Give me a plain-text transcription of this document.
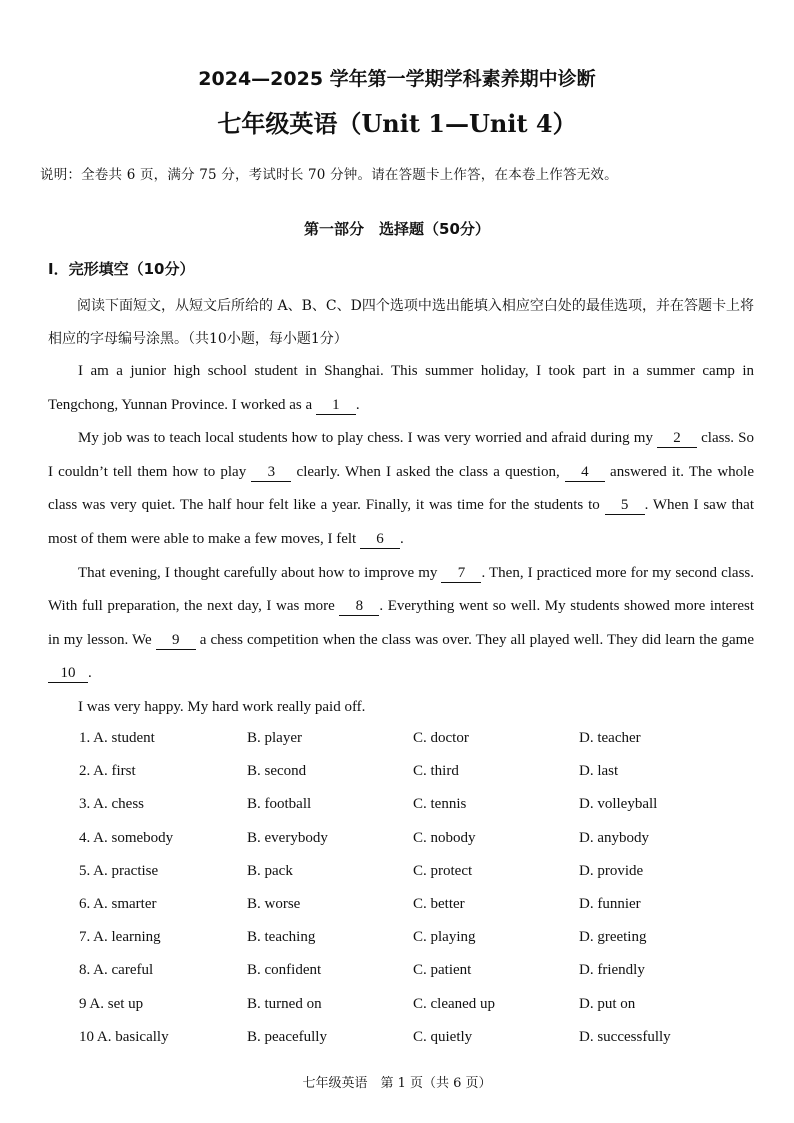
2024—2025 学年第一学期学科素养期中诊断
七年级英语（Unit 1—Unit 4）
说明：全卷共 6 页，满分 75 分，考试时长 70 分钟。请在答题卡上作答，在本卷上作答无效。
第一部分　选择题（50分）
Ⅰ．完形填空（10分）
阅读下面短文，从短文后所给的 A、B、C、D四个选项中选出能填入相应空白处的最佳选项，并在答题卡上将相应的字母编号涂黑。（共10小题，每小题1分）

I am a junior high school student in Shanghai. This summer holiday, I took part in a summer camp in Tengchong, Yunnan Province. I worked as a 1 .

My job was to teach local students how to play chess. I was very worried and afraid during my 2 class. So I couldn’t tell them how to play 3 clearly. When I asked the class a question, 4 answered it. The whole class was very quiet. The half hour felt like a year. Finally, it was time for the students to 5 . When I saw that most of them were able to make a few moves, I felt 6 .

That evening, I thought carefully about how to improve my 7 . Then, I practiced more for my second class. With full preparation, the next day, I was more 8 . Everything went so well. My students showed more interest in my lesson. We 9 a chess competition when the class was over. They all played well. They did learn the game 10 .

I was very happy. My hard work really paid off.

1. A. student	B. player	C. doctor	D. teacher
2. A. first	B. second	C. third	D. last
3. A. chess	B. football	C. tennis	D. volleyball
4. A. somebody	B. everybody	C. nobody	D. anybody
5. A. practise	B. pack	C. protect	D. provide
6. A. smarter	B. worse	C. better	D. funnier
7. A. learning	B. teaching	C. playing	D. greeting
8. A. careful	B. confident	C. patient	D. friendly
9 A. set up	B. turned on	C. cleaned up	D. put on
10 A. basically	B. peacefully	C. quietly	D. successfully
七年级英语　第 1 页（共 6 页）
